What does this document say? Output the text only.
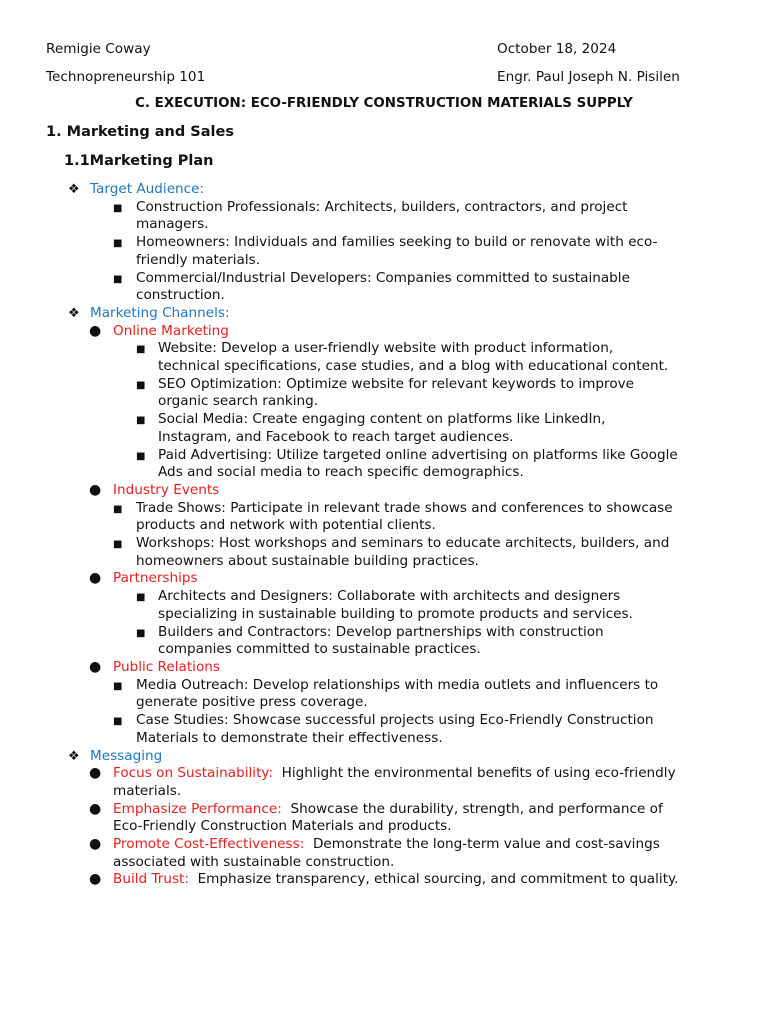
Remigie Coway	October 18, 2024
Technopreneurship 101	Engr. Paul Joseph N. Pisilen
C. EXECUTION: ECO-FRIENDLY CONSTRUCTION MATERIALS SUPPLY
1. Marketing and Sales
1.1Marketing Plan
❖ Target Audience:
■ Construction Professionals: Architects, builders, contractors, and project managers.
■ Homeowners: Individuals and families seeking to build or renovate with eco-friendly materials.
■ Commercial/Industrial Developers: Companies committed to sustainable construction.
❖ Marketing Channels:
● Online Marketing
■ Website: Develop a user-friendly website with product information, technical specifications, case studies, and a blog with educational content.
■ SEO Optimization: Optimize website for relevant keywords to improve organic search ranking.
■ Social Media: Create engaging content on platforms like LinkedIn, Instagram, and Facebook to reach target audiences.
■ Paid Advertising: Utilize targeted online advertising on platforms like Google Ads and social media to reach specific demographics.
● Industry Events
■ Trade Shows: Participate in relevant trade shows and conferences to showcase products and network with potential clients.
■ Workshops: Host workshops and seminars to educate architects, builders, and homeowners about sustainable building practices.
● Partnerships
■ Architects and Designers: Collaborate with architects and designers specializing in sustainable building to promote products and services.
■ Builders and Contractors: Develop partnerships with construction companies committed to sustainable practices.
● Public Relations
■ Media Outreach: Develop relationships with media outlets and influencers to generate positive press coverage.
■ Case Studies: Showcase successful projects using Eco-Friendly Construction Materials to demonstrate their effectiveness.
❖ Messaging
● Focus on Sustainability:  Highlight the environmental benefits of using eco-friendly materials.
● Emphasize Performance:  Showcase the durability, strength, and performance of Eco-Friendly Construction Materials and products.
● Promote Cost-Effectiveness:  Demonstrate the long-term value and cost-savings associated with sustainable construction.
● Build Trust:  Emphasize transparency, ethical sourcing, and commitment to quality.
